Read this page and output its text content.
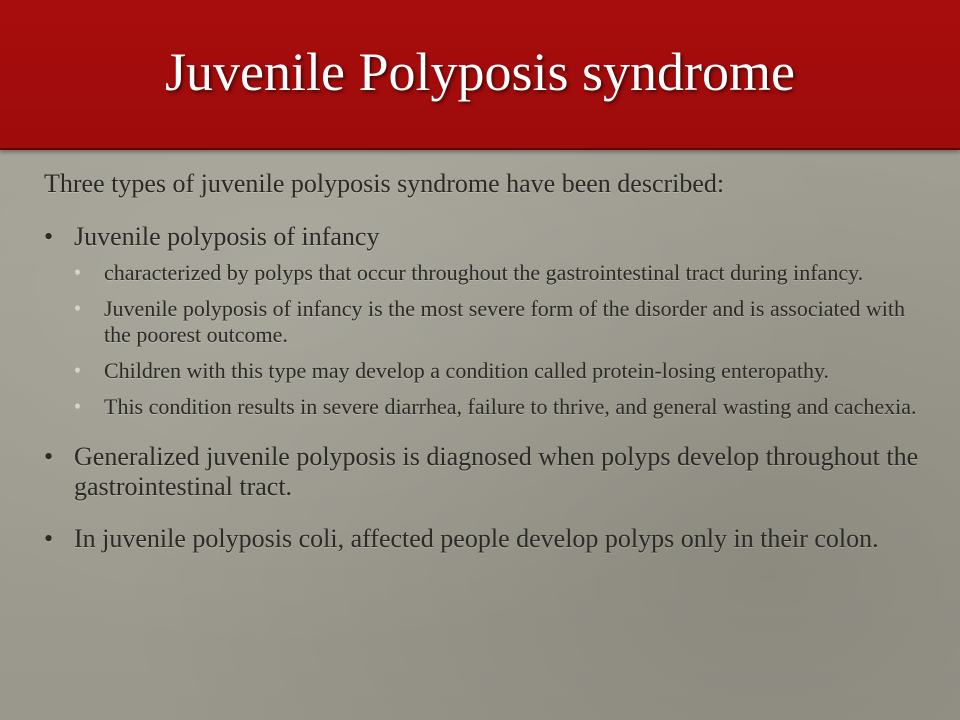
Juvenile Polyposis syndrome

Three types of juvenile polyposis syndrome have been described:

• Juvenile polyposis of infancy
• characterized by polyps that occur throughout the gastrointestinal tract during infancy.
• Juvenile polyposis of infancy is the most severe form of the disorder and is associated with the poorest outcome.
• Children with this type may develop a condition called protein-losing enteropathy.
• This condition results in severe diarrhea, failure to thrive, and general wasting and cachexia.
• Generalized juvenile polyposis is diagnosed when polyps develop throughout the gastrointestinal tract.
• In juvenile polyposis coli, affected people develop polyps only in their colon.
